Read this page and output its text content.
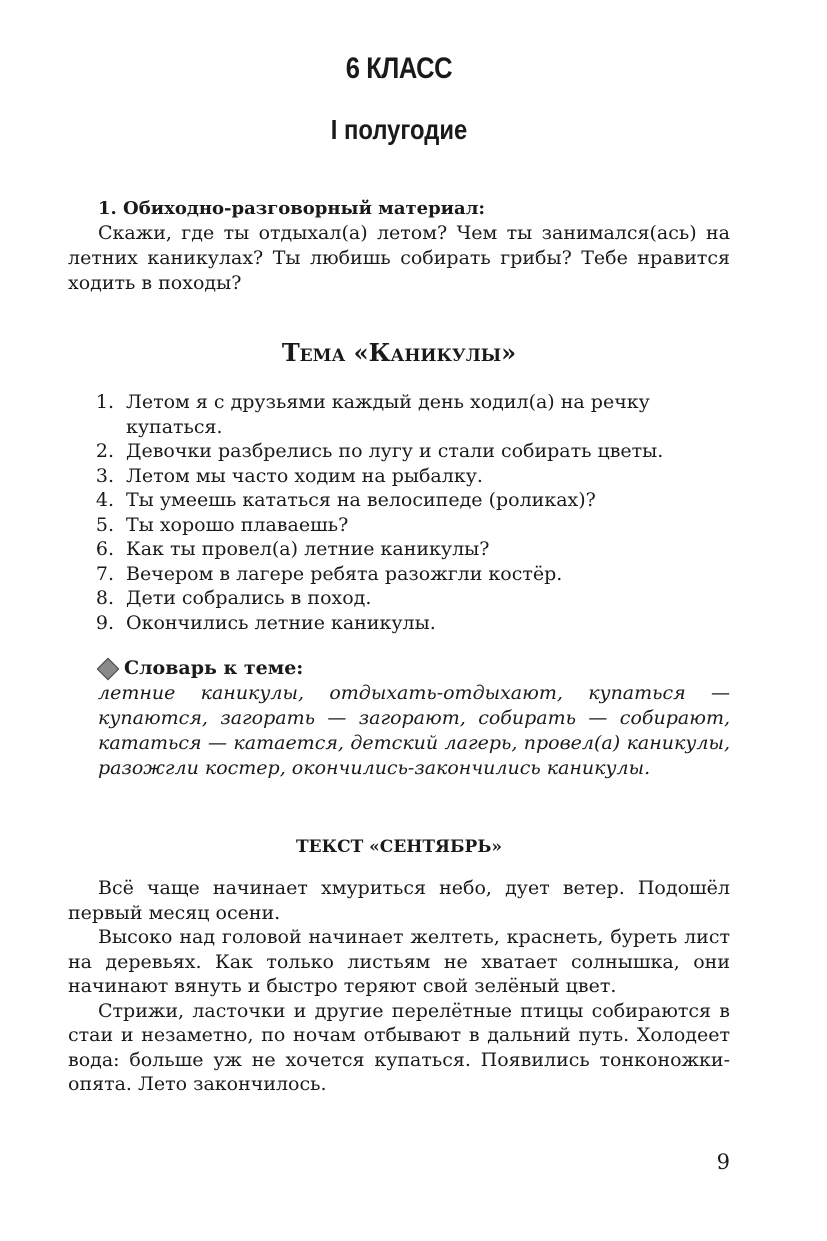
6 КЛАСС
I полугодие
1. Обиходно-разговорный материал:
Скажи, где ты отдыхал(а) летом? Чем ты занимался(ась) на летних каникулах? Ты любишь собирать грибы? Тебе нравится ходить в походы?
Тема «Каникулы»
1. Летом я с друзьями каждый день ходил(а) на речку купаться.
2. Девочки разбрелись по лугу и стали собирать цветы.
3. Летом мы часто ходим на рыбалку.
4. Ты умеешь кататься на велосипеде (роликах)?
5. Ты хорошо плаваешь?
6. Как ты провел(а) летние каникулы?
7. Вечером в лагере ребята разожгли костёр.
8. Дети собрались в поход.
9. Окончились летние каникулы.
Словарь к теме:
летние каникулы, отдыхать-отдыхают, купаться — купаются, загорать — загорают, собирать — собирают, кататься — катается, детский лагерь, провел(а) каникулы, разожгли костер, окончились-закончились каникулы.
ТЕКСТ «СЕНТЯБРЬ»

Всё чаще начинает хмуриться небо, дует ветер. Подошёл первый месяц осени.

Высоко над головой начинает желтеть, краснеть, буреть лист на деревьях. Как только листьям не хватает солнышка, они начинают вянуть и быстро теряют свой зелёный цвет.

Стрижи, ласточки и другие перелётные птицы собираются в стаи и незаметно, по ночам отбывают в дальний путь. Холодеет вода: больше уж не хочется купаться. Появились тонконожки-опята. Лето закончилось.

9
